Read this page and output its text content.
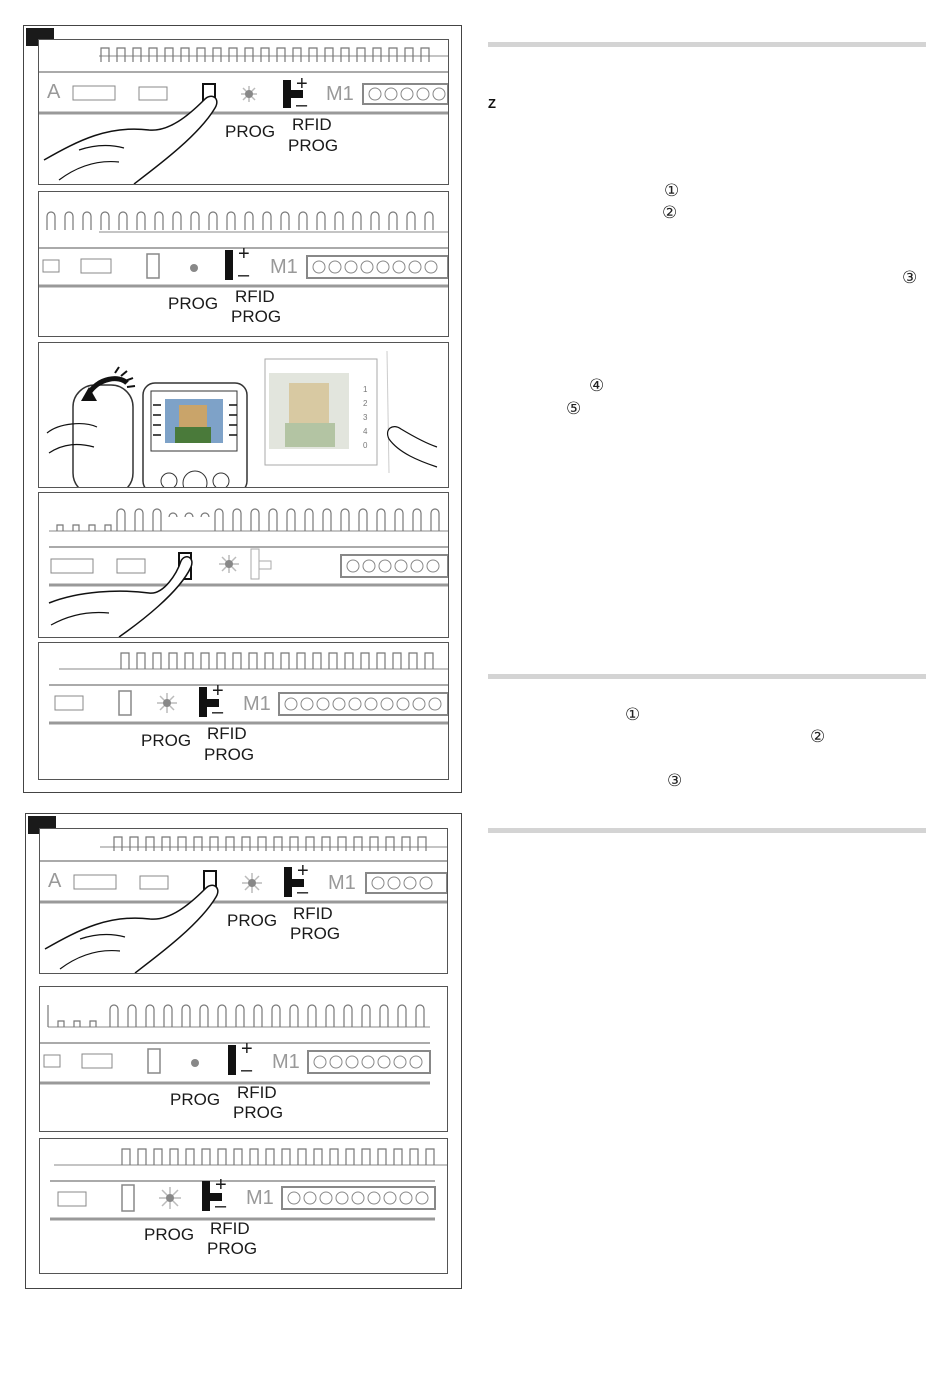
A
PROG RFID
PROG
+
– M1
PROG RFID
PROG
+
– M1
1
2
3
4
0
PROG RFID
PROG
+
– M1
A
PROG RFID
PROG
+
– M1
PROG RFID
PROG
+
– M1
PROG RFID
PROG
+
– M1
Z
①
②
③
④
⑤
①
②
③
